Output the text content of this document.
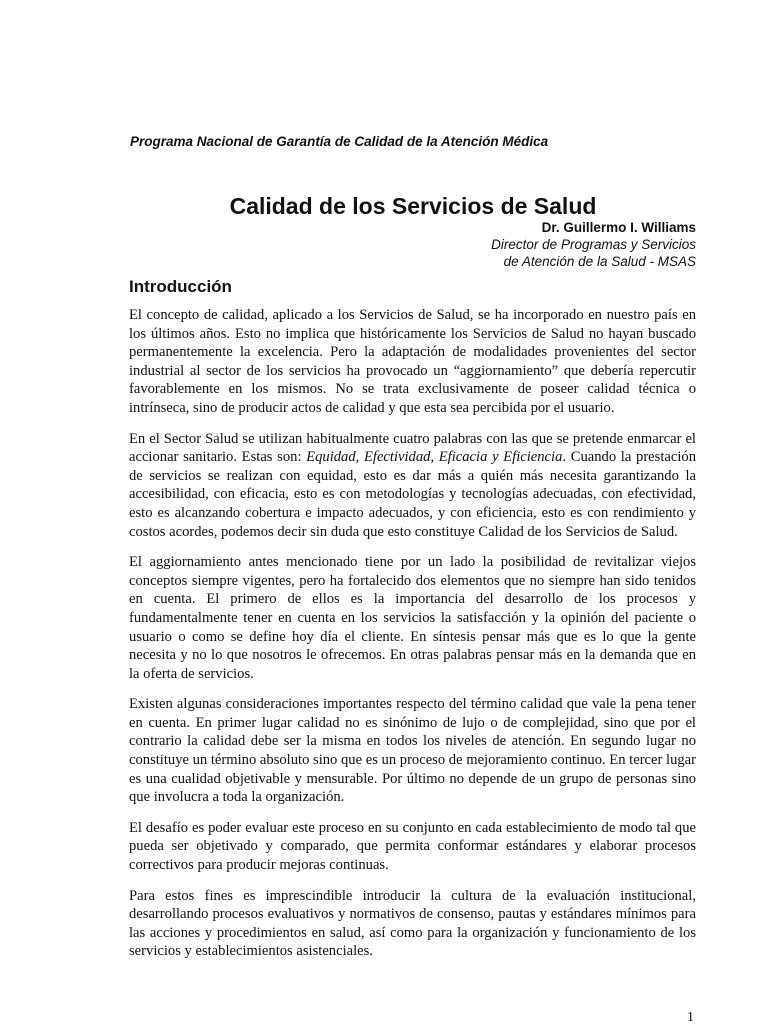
Programa Nacional de Garantía de Calidad de la Atención Médica
Calidad de los Servicios de Salud
Dr. Guillermo I. Williams
Director de Programas y Servicios
de Atención de la Salud - MSAS
Introducción

El concepto de calidad, aplicado a los Servicios de Salud, se ha incorporado en nuestro país en los últimos años. Esto no implica que históricamente los Servicios de Salud no hayan buscado permanentemente la excelencia. Pero la adaptación de modalidades provenientes del sector industrial al sector de los servicios ha provocado un “aggiornamiento” que debería repercutir favorablemente en los mismos. No se trata exclusivamente de poseer calidad técnica o intrínseca, sino de producir actos de calidad y que esta sea percibida por el usuario.

En el Sector Salud se utilizan habitualmente cuatro palabras con las que se pretende enmarcar el accionar sanitario. Estas son: Equidad, Efectividad, Eficacia y Eficiencia. Cuando la prestación de servicios se realizan con equidad, esto es dar más a quién más necesita garantizando la accesibilidad, con eficacia, esto es con metodologías y tecnologías adecuadas, con efectividad, esto es alcanzando cobertura e impacto adecuados, y con eficiencia, esto es con rendimiento y costos acordes, podemos decir sin duda que esto constituye Calidad de los Servicios de Salud.

El aggiornamiento antes mencionado tiene por un lado la posibilidad de revitalizar viejos conceptos siempre vigentes, pero ha fortalecido dos elementos que no siempre han sido tenidos en cuenta. El primero de ellos es la importancia del desarrollo de los procesos y fundamentalmente tener en cuenta en los servicios la satisfacción y la opinión del paciente o usuario o como se define hoy día el cliente. En síntesis pensar más que es lo que la gente necesita y no lo que nosotros le ofrecemos. En otras palabras pensar más en la demanda que en la oferta de servicios.

Existen algunas consideraciones importantes respecto del término calidad que vale la pena tener en cuenta. En primer lugar calidad no es sinónimo de lujo o de complejidad, sino que por el contrario la calidad debe ser la misma en todos los niveles de atención. En segundo lugar no constituye un término absoluto sino que es un proceso de mejoramiento continuo. En tercer lugar es una cualidad objetivable y mensurable. Por último no depende de un grupo de personas sino que involucra a toda la organización.

El desafío es poder evaluar este proceso en su conjunto en cada establecimiento de modo tal que pueda ser objetivado y comparado, que permita conformar estándares y elaborar procesos correctivos para producir mejoras continuas.

Para estos fines es imprescindible introducir la cultura de la evaluación institucional, desarrollando procesos evaluativos y normativos de consenso, pautas y estándares mínimos para las acciones y procedimientos en salud, así como para la organización y funcionamiento de los servicios y establecimientos asistenciales.

1
